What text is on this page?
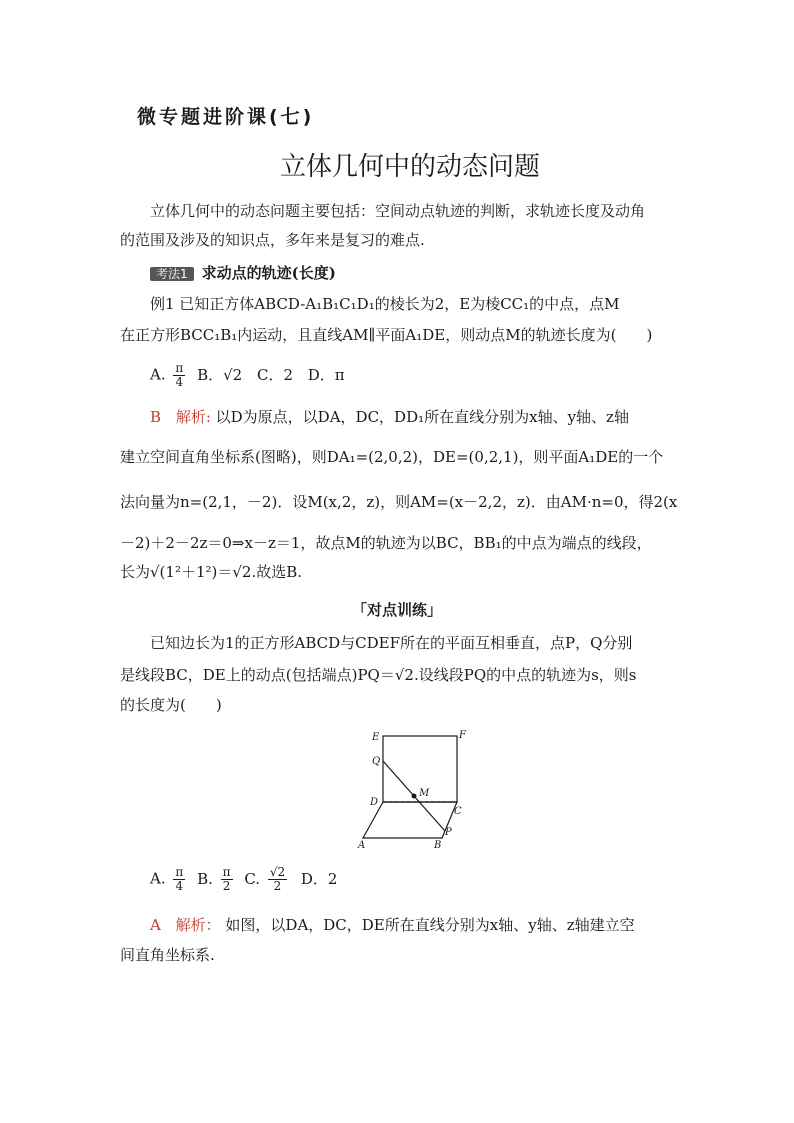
微专题进阶课(七)
立体几何中的动态问题
立体几何中的动态问题主要包括：空间动点轨迹的判断，求轨迹长度及动角
的范围及涉及的知识点，多年来是复习的难点.
考法1 求动点的轨迹(长度)
例1 已知正方体ABCD-A₁B₁C₁D₁的棱长为2，E为棱CC₁的中点，点M
在正方形BCC₁B₁内运动，且直线AM∥平面A₁DE，则动点M的轨迹长度为(　　)
A. $\frac{\pi}{4}$ B．√2 C．2 D．π
B 解析: 以D为原点，以DA，DC，DD₁所在直线分别为x轴、y轴、z轴
建立空间直角坐标系(图略)，则DA₁=(2,0,2)，DE=(0,2,1)，则平面A₁DE的一个
法向量为n=(2,1，－2)．设M(x,2，z)，则AM=(x－2,2，z)．由AM·n=0，得2(x
－2)＋2－2z＝0⇒x－z＝1，故点M的轨迹为以BC，BB₁的中点为端点的线段，
长为√(1²＋1²)＝√2.故选B.
「对点训练」
已知边长为1的正方形ABCD与CDEF所在的平面互相垂直，点P，Q分别
是线段BC，DE上的动点(包括端点)PQ＝√2.设线段PQ的中点的轨迹为s，则s
的长度为(　　)
E	F
Q
M
D
C
P
A	B
A. $\frac{\pi}{4} B$. $\frac{\pi}{2} C$. $\frac{√2}{2}$ D．2
A 解析： 如图，以DA，DC，DE所在直线分别为x轴、y轴、z轴建立空
间直角坐标系.
